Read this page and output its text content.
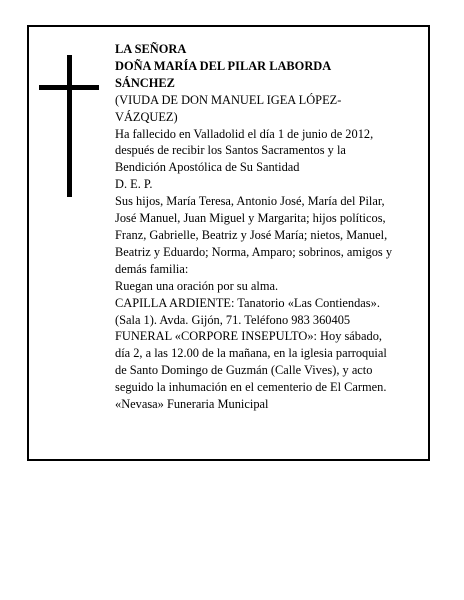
LA SEÑORA
DOÑA MARÍA DEL PILAR LABORDA
SÁNCHEZ
(VIUDA DE DON MANUEL IGEA LÓPEZ-
VÁZQUEZ)
Ha fallecido en Valladolid el día 1 de junio de 2012,
después de recibir los Santos Sacramentos y la
Bendición Apostólica de Su Santidad
D. E. P.
Sus hijos, María Teresa, Antonio José, María del Pilar,
José Manuel, Juan Miguel y Margarita; hijos políticos,
Franz, Gabrielle, Beatriz y José María; nietos, Manuel,
Beatriz y Eduardo; Norma, Amparo; sobrinos, amigos y
demás familia:
Ruegan una oración por su alma.
CAPILLA ARDIENTE: Tanatorio «Las Contiendas».
(Sala 1). Avda. Gijón, 71. Teléfono 983 360405
FUNERAL «CORPORE INSEPULTO»: Hoy sábado,
día 2, a las 12.00 de la mañana, en la iglesia parroquial
de Santo Domingo de Guzmán (Calle Vives), y acto
seguido la inhumación en el cementerio de El Carmen.
«Nevasa» Funeraria Municipal
